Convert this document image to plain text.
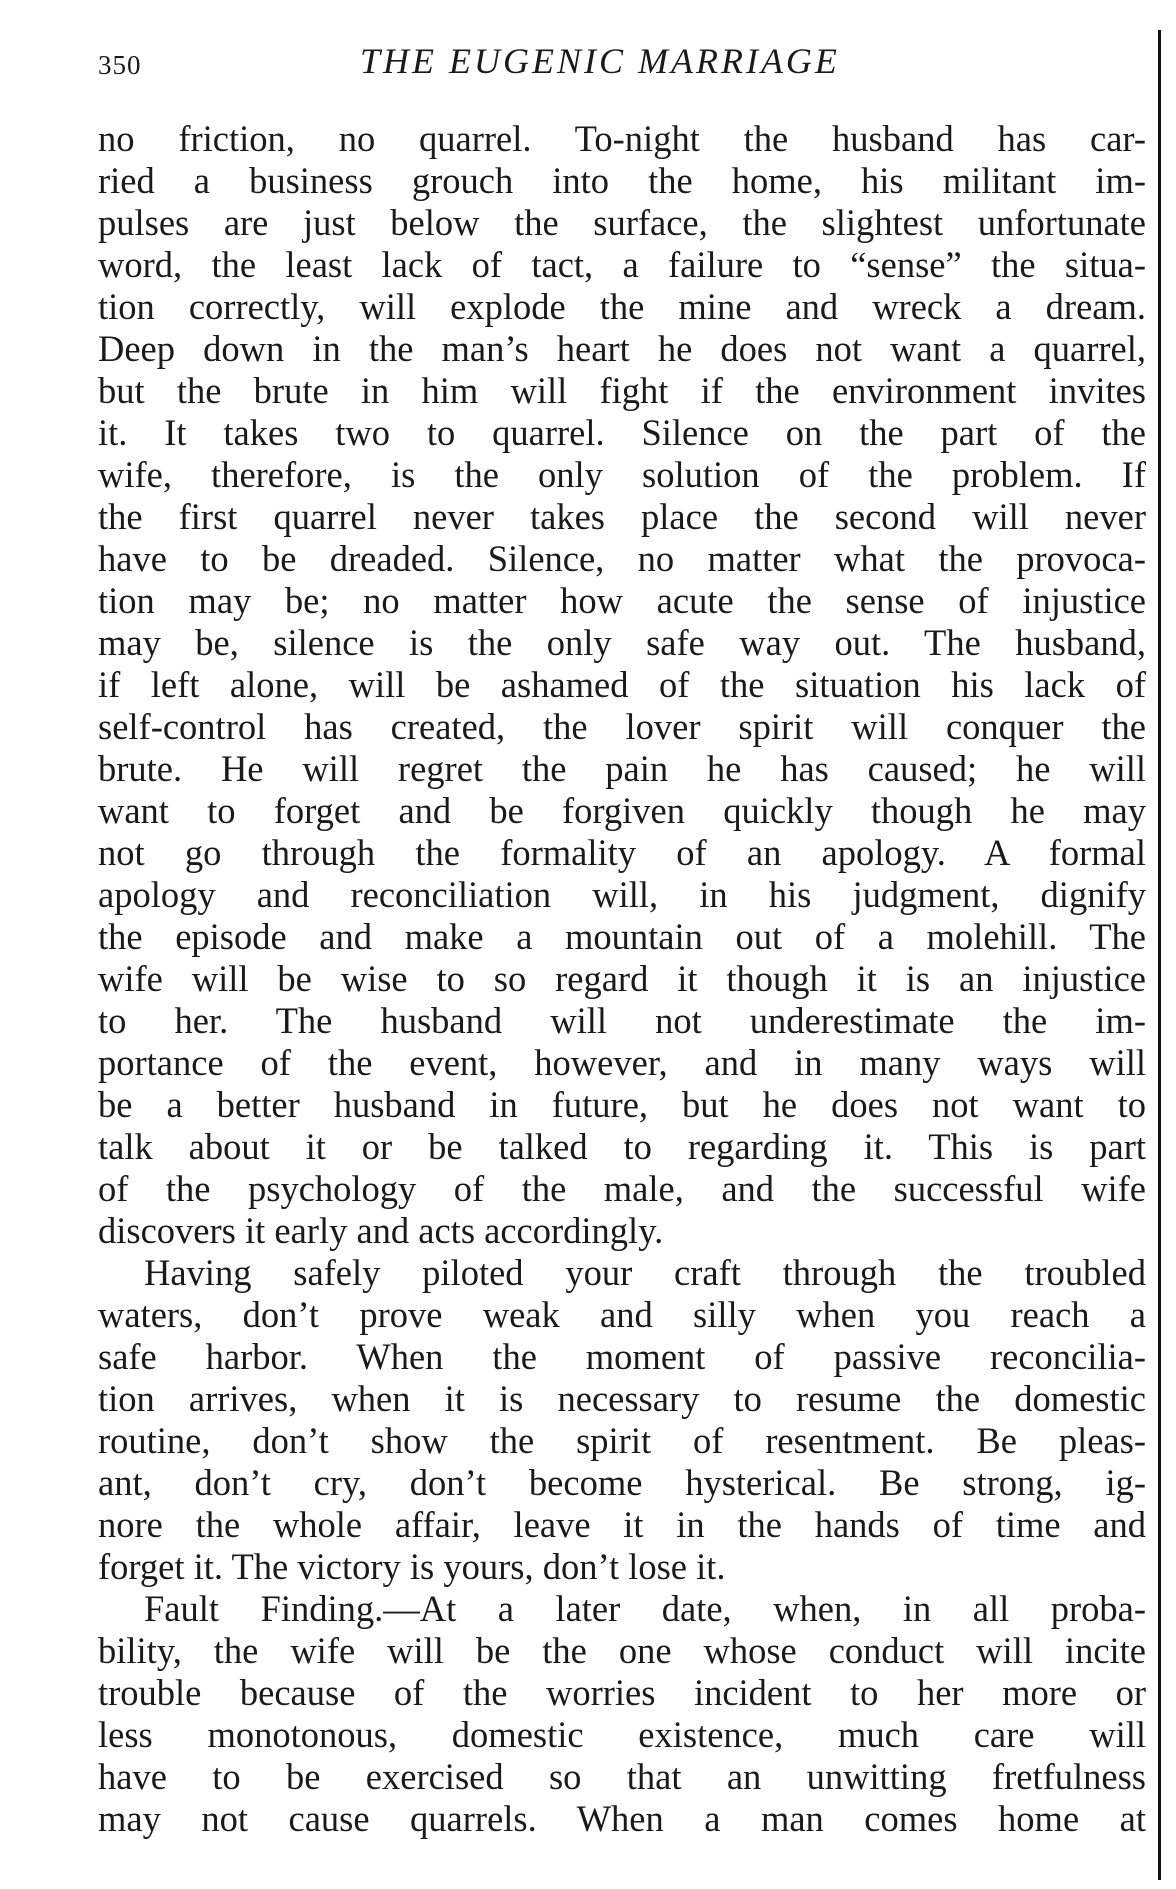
350	THE EUGENIC MARRIAGE
no friction, no quarrel. To-night the husband has car-
ried a business grouch into the home, his militant im-
pulses are just below the surface, the slightest unfortunate
word, the least lack of tact, a failure to “sense” the situa-
tion correctly, will explode the mine and wreck a dream.
Deep down in the man’s heart he does not want a quarrel,
but the brute in him will fight if the environment invites
it. It takes two to quarrel. Silence on the part of the
wife, therefore, is the only solution of the problem. If
the first quarrel never takes place the second will never
have to be dreaded. Silence, no matter what the provoca-
tion may be; no matter how acute the sense of injustice
may be, silence is the only safe way out. The husband,
if left alone, will be ashamed of the situation his lack of
self-control has created, the lover spirit will conquer the
brute. He will regret the pain he has caused; he will
want to forget and be forgiven quickly though he may
not go through the formality of an apology. A formal
apology and reconciliation will, in his judgment, dignify
the episode and make a mountain out of a molehill. The
wife will be wise to so regard it though it is an injustice
to her. The husband will not underestimate the im-
portance of the event, however, and in many ways will
be a better husband in future, but he does not want to
talk about it or be talked to regarding it. This is part
of the psychology of the male, and the successful wife
discovers it early and acts accordingly.
Having safely piloted your craft through the troubled
waters, don’t prove weak and silly when you reach a
safe harbor. When the moment of passive reconcilia-
tion arrives, when it is necessary to resume the domestic
routine, don’t show the spirit of resentment. Be pleas-
ant, don’t cry, don’t become hysterical. Be strong, ig-
nore the whole affair, leave it in the hands of time and
forget it. The victory is yours, don’t lose it.
Fault Finding.—At a later date, when, in all proba-
bility, the wife will be the one whose conduct will incite
trouble because of the worries incident to her more or
less monotonous, domestic existence, much care will
have to be exercised so that an unwitting fretfulness
may not cause quarrels. When a man comes home at
